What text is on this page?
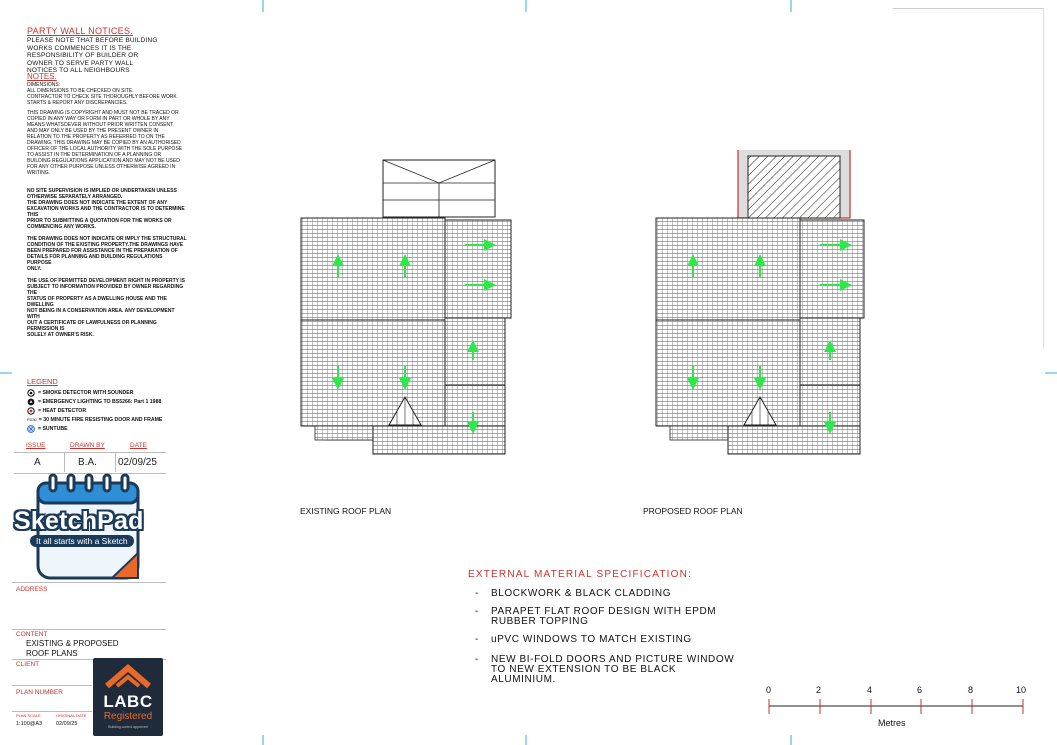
PARTY WALL NOTICES.
PLEASE NOTE THAT BEFORE BUILDING
WORKS COMMENCES IT IS THE
RESPONSIBILITY OF BUILDER OR
OWNER TO SERVE PARTY WALL
NOTICES TO ALL NEIGHBOURS
NOTES.
DIMENSIONS:
ALL DIMENSIONS TO BE CHECKED ON SITE.
CONTRACTOR TO CHECK SITE THOROUGHLY BEFORE WORK
STARTS & REPORT ANY DISCREPANCIES.
THIS DRAWING IS COPYRIGHT AND MUST NOT BE TRACED OR
COPIED IN ANY WAY OR FORM IN PART OR WHOLE BY ANY
MEANS WHATSOEVER WITHOUT PRIOR WRITTEN CONSENT
AND MAY ONLY BE USED BY THE PRESENT OWNER IN
RELATION TO THE PROPERTY AS REFERRED TO ON THE
DRAWING. THIS DRAWING MAY BE COPIED BY AN AUTHORISED
OFFICER OF THE LOCAL AUTHORITY WITH THE SOLE PURPOSE
TO ASSIST IN THE DETERMINATION OF A PLANNING OR
BUILDING REGULATIONS APPLICATION AND MAY NOT BE USED
FOR ANY OTHER PURPOSE UNLESS OTHERWISE AGREED IN
WRITING.
NO SITE SUPERVISION IS IMPLIED OR UNDERTAKEN UNLESS
OTHERWISE SEPARATELY ARRANGED.
THE DRAWING DOES NOT INDICATE THE EXTENT OF ANY
EXCAVATION WORKS AND THE CONTRACTOR IS TO DETERMINE THIS
PRIOR TO SUBMITTING A QUOTATION FOR THE WORKS OR
COMMENCING ANY WORKS.
THE DRAWING DOES NOT INDICATE OR IMPLY THE STRUCTURAL
CONDITION OF THE EXISTING PROPERTY.THE DRAWINGS HAVE
BEEN PREPARED FOR ASSISTANCE IN THE PREPARATION OF
DETAILS FOR PLANNING AND BUILDING REGULATIONS PURPOSE
ONLY.
THE USE OF PERMITTED DEVELOPMENT RIGHT IN PROPERTY IS
SUBJECT TO INFORMATION PROVIDED BY OWNER REGARDING THE
STATUS OF PROPERTY AS A DWELLING HOUSE AND THE DWELLING
NOT BEING IN A CONSERVATION AREA. ANY DEVELOPMENT WITH
OUT A CERTIFICATE OF LAWFULNESS OR PLANNING PERMISSION IS
SOLELY AT OWNER'S RISK.
LEGEND
= SMOKE DETECTOR WITH SOUNDER
= EMERGENCY LIGHTING TO BS5266: Part 1 1988
= HEAT DETECTOR
FD30 = 30 MINUTE FIRE RESISTING DOOR AND FRAME
= SUNTUBE
ISSUE	DRAWN BY	DATE
A	B.A. 02/09/25
SketchPad
It all starts with a Sketch
ADDRESS
CONTENT
EXISTING & PROPOSED
ROOF PLANS
CLIENT
PLAN NUMBER
PLAN SCALE	ORIGINAL DATE
1:100@A3	02/09/25
LABC
Registered
Building control approved
EXISTING ROOF PLAN	PROPOSED ROOF PLAN
EXTERNAL MATERIAL SPECIFICATION:
- BLOCKWORK & BLACK CLADDING
- PARAPET FLAT ROOF DESIGN WITH EPDM RUBBER TOPPING
- uPVC WINDOWS TO MATCH EXISTING
- NEW BI-FOLD DOORS AND PICTURE WINDOW TO NEW EXTENSION TO BE BLACK ALUMINIUM.
0	2	4	6	8	10
Metres
